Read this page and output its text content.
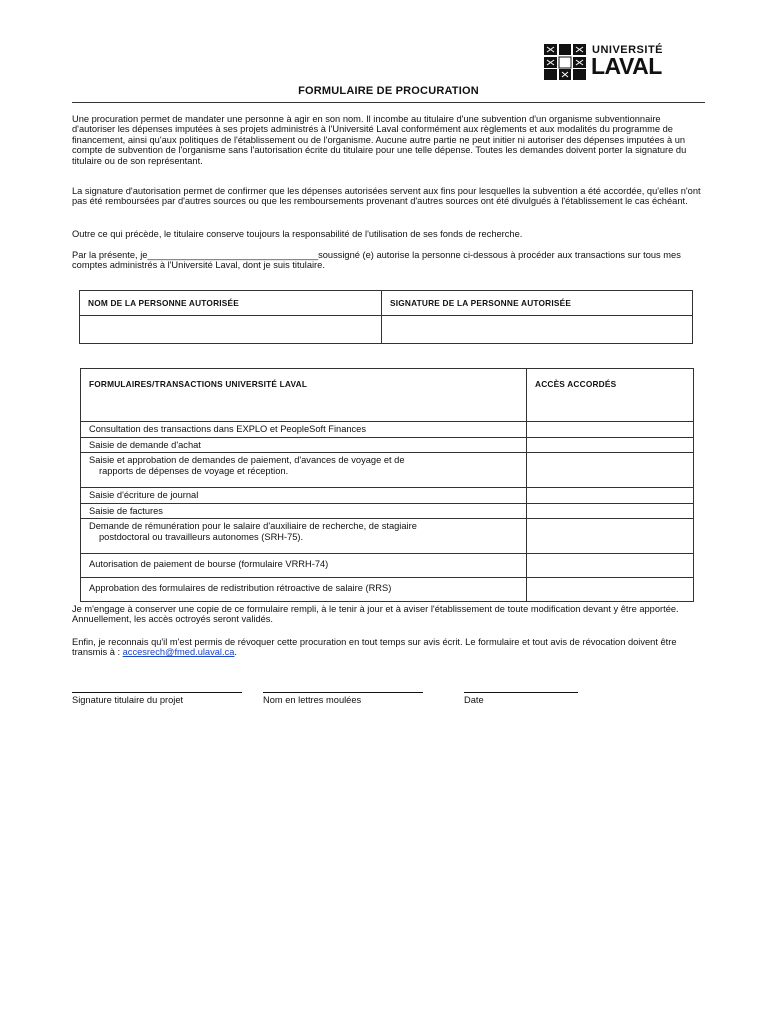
UNIVERSITÉ
LAVAL
FORMULAIRE DE PROCURATION

Une procuration permet de mandater une personne à agir en son nom. Il incombe au titulaire d'une subvention d'un organisme subventionnaire d'autoriser les dépenses imputées à ses projets administrés à l'Université Laval conformément aux règlements et aux modalités du programme de financement, ainsi qu'aux politiques de l'établissement ou de l'organisme. Aucune autre partie ne peut initier ni autoriser des dépenses imputées à un compte de subvention de l'organisme sans l'autorisation écrite du titulaire pour une telle dépense. Toutes les demandes doivent porter la signature du titulaire ou de son représentant.

La signature d'autorisation permet de confirmer que les dépenses autorisées servent aux fins pour lesquelles la subvention a été accordée, qu'elles n'ont pas été remboursées par d'autres sources ou que les remboursements provenant d'autres sources ont été divulgués à l'établissement le cas échéant.

Outre ce qui précède, le titulaire conserve toujours la responsabilité de l'utilisation de ses fonds de recherche.

Par la présente, je_________________________________soussigné (e) autorise la personne ci-dessous à procéder aux transactions sur tous mes comptes administrés à l'Université Laval, dont je suis titulaire.

NOM DE LA PERSONNE AUTORISÉE	SIGNATURE DE LA PERSONNE AUTORISÉE

FORMULAIRES/TRANSACTIONS UNIVERSITÉ LAVAL	ACCÈS ACCORDÉS
Consultation des transactions dans EXPLO et PeopleSoft Finances	
Saisie de demande d'achat	
Saisie et approbation de demandes de paiement, d'avances de voyage et de
rapports de dépenses de voyage et réception.	

Saisie d'écriture de journal	
Saisie de factures	
Demande de rémunération pour le salaire d'auxiliaire de recherche, de stagiaire
postdoctoral ou travailleurs autonomes (SRH-75).	

Autorisation de paiement de bourse (formulaire VRRH-74)	
Approbation des formulaires de redistribution rétroactive de salaire (RRS)	

Je m'engage à conserver une copie de ce formulaire rempli, à le tenir à jour et à aviser l'établissement de toute modification devant y être apportée. Annuellement, les accès octroyés seront validés.

Enfin, je reconnais qu'il m'est permis de révoquer cette procuration en tout temps sur avis écrit. Le formulaire et tout avis de révocation doivent être transmis à : accesrech@fmed.ulaval.ca.

Signature titulaire du projet	Nom en lettres moulées	Date
